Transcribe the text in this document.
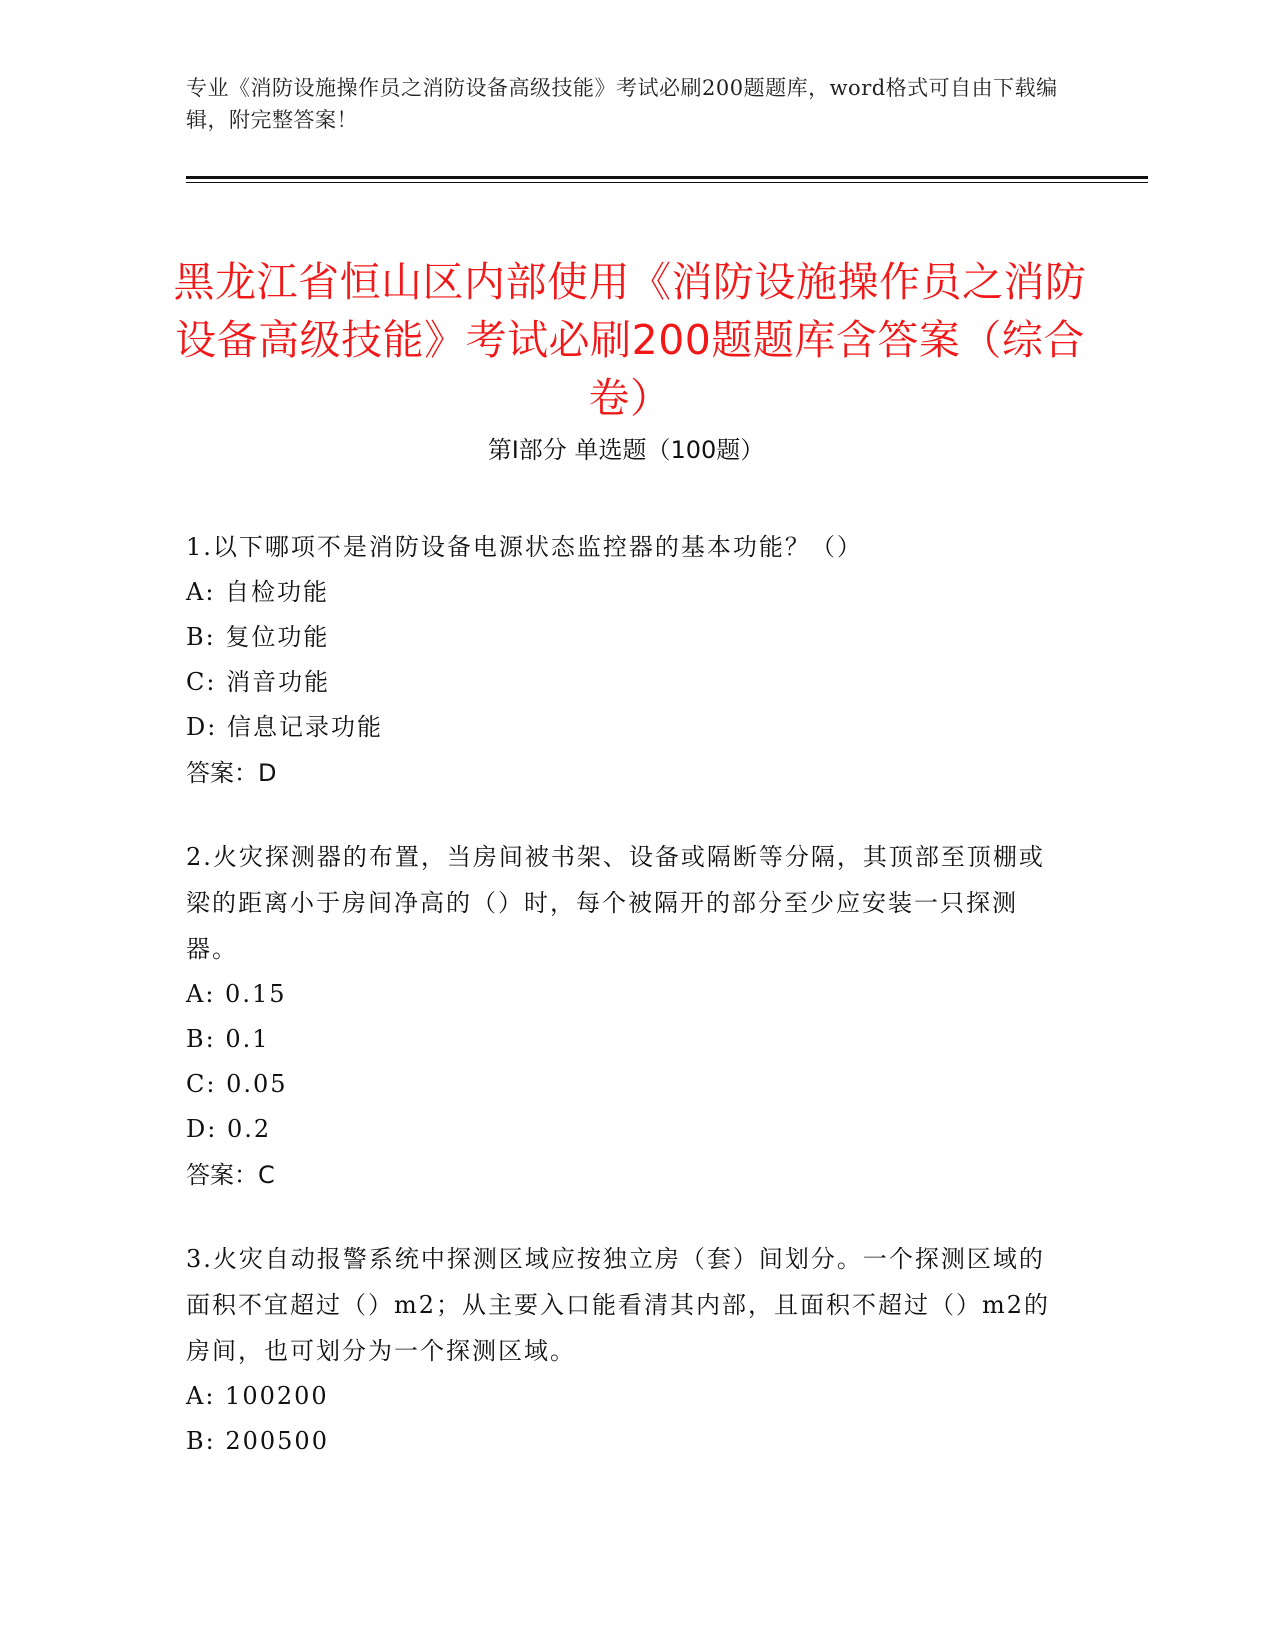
专业《消防设施操作员之消防设备高级技能》考试必刷200题题库，word格式可自由下载编辑，附完整答案！
黑龙江省恒山区内部使用《消防设施操作员之消防设备高级技能》考试必刷200题题库含答案（综合卷）
第Ⅰ部分 单选题（100题）

1.以下哪项不是消防设备电源状态监控器的基本功能？（）

A: 自检功能

B: 复位功能

C: 消音功能

D: 信息记录功能

答案：D

2.火灾探测器的布置，当房间被书架、设备或隔断等分隔，其顶部至顶棚或梁的距离小于房间净高的（）时，每个被隔开的部分至少应安装一只探测器。

A: 0.15

B: 0.1

C: 0.05

D: 0.2

答案：C

3.火灾自动报警系统中探测区域应按独立房（套）间划分。一个探测区域的面积不宜超过（）m2；从主要入口能看清其内部，且面积不超过（）m2的房间，也可划分为一个探测区域。

A: 100200

B: 200500
